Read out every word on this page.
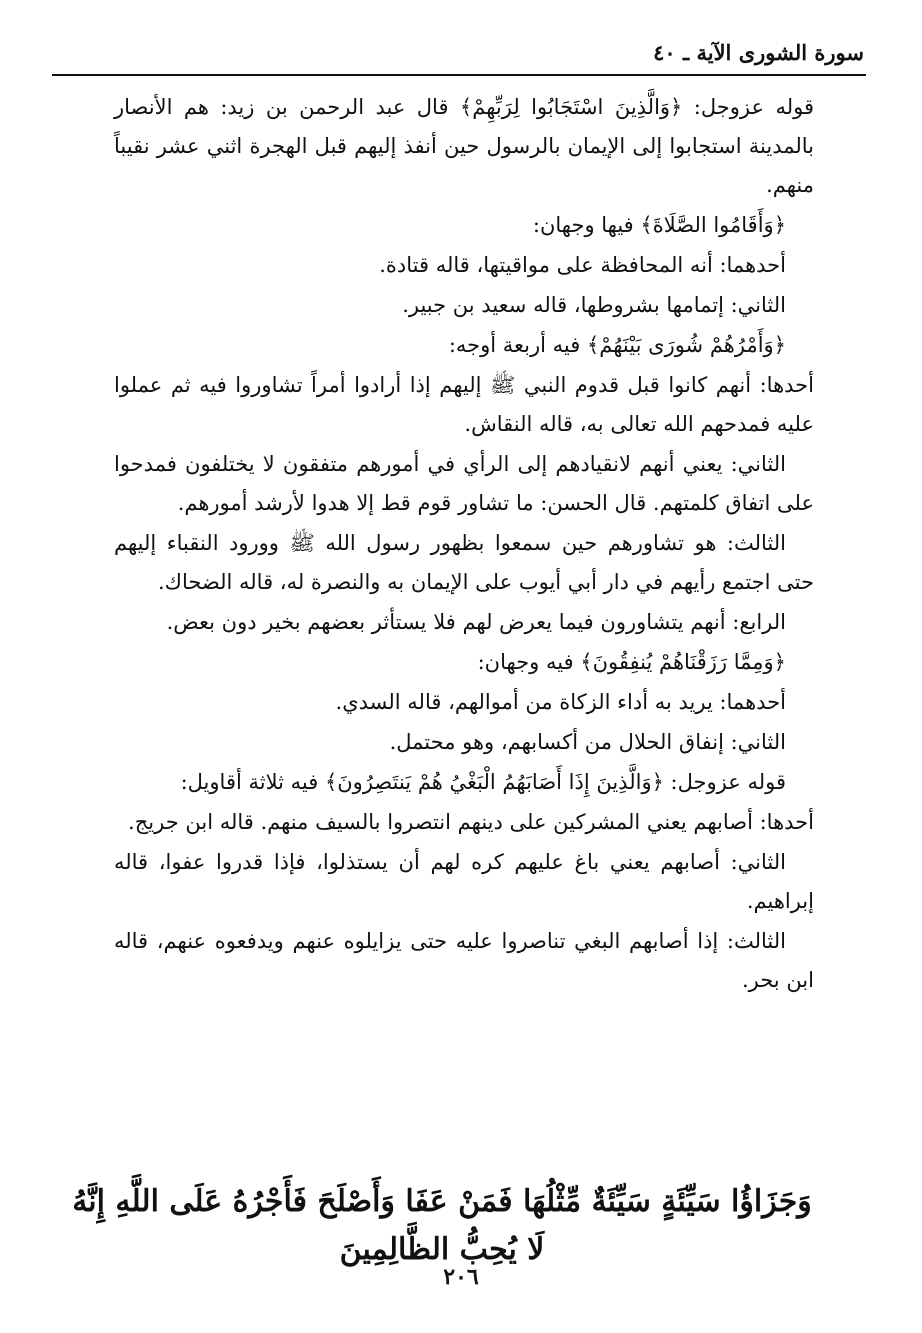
سورة الشورى الآية ـ ٤٠

قوله عزوجل: ﴿وَالَّذِينَ اسْتَجَابُوا لِرَبِّهِمْ﴾ قال عبد الرحمن بن زيد: هم الأنصار بالمدينة استجابوا إلى الإيمان بالرسول حين أنفذ إليهم قبل الهجرة اثني عشر نقيباً منهم.

﴿وَأَقَامُوا الصَّلَاةَ﴾ فيها وجهان:

أحدهما: أنه المحافظة على مواقيتها، قاله قتادة.

الثاني: إتمامها بشروطها، قاله سعيد بن جبير.

﴿وَأَمْرُهُمْ شُورَى بَيْنَهُمْ﴾ فيه أربعة أوجه:

أحدها: أنهم كانوا قبل قدوم النبي ﷺ إليهم إذا أرادوا أمراً تشاوروا فيه ثم عملوا عليه فمدحهم الله تعالى به، قاله النقاش.

الثاني: يعني أنهم لانقيادهم إلى الرأي في أمورهم متفقون لا يختلفون فمدحوا على اتفاق كلمتهم. قال الحسن: ما تشاور قوم قط إلا هدوا لأرشد أمورهم.

الثالث: هو تشاورهم حين سمعوا بظهور رسول الله ﷺ وورود النقباء إليهم حتى اجتمع رأيهم في دار أبي أيوب على الإيمان به والنصرة له، قاله الضحاك.

الرابع: أنهم يتشاورون فيما يعرض لهم فلا يستأثر بعضهم بخير دون بعض.

﴿وَمِمَّا رَزَقْنَاهُمْ يُنفِقُونَ﴾ فيه وجهان:

أحدهما: يريد به أداء الزكاة من أموالهم، قاله السدي.

الثاني: إنفاق الحلال من أكسابهم، وهو محتمل.

قوله عزوجل: ﴿وَالَّذِينَ إِذَا أَصَابَهُمُ الْبَغْيُ هُمْ يَنتَصِرُونَ﴾ فيه ثلاثة أقاويل:

أحدها: أصابهم يعني المشركين على دينهم انتصروا بالسيف منهم. قاله ابن جريج.

الثاني: أصابهم يعني باغ عليهم كره لهم أن يستذلوا، فإذا قدروا عفوا، قاله إبراهيم.

الثالث: إذا أصابهم البغي تناصروا عليه حتى يزايلوه عنهم ويدفعوه عنهم، قاله ابن بحر.

وَجَزَاؤُا سَيِّئَةٍ سَيِّئَةٌ مِّثْلُهَا فَمَنْ عَفَا وَأَصْلَحَ فَأَجْرُهُ عَلَى اللَّهِ إِنَّهُ لَا يُحِبُّ الظَّالِمِينَ
٢٠٦
